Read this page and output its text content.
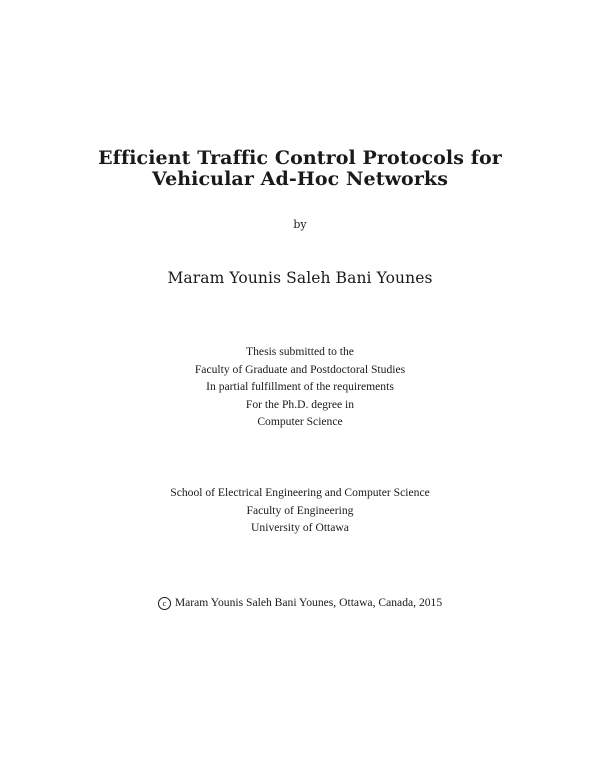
Efficient Traffic Control Protocols for
Vehicular Ad-Hoc Networks
by
Maram Younis Saleh Bani Younes
Thesis submitted to the
Faculty of Graduate and Postdoctoral Studies
In partial fulfillment of the requirements
For the Ph.D. degree in
Computer Science
School of Electrical Engineering and Computer Science
Faculty of Engineering
University of Ottawa
c Maram Younis Saleh Bani Younes, Ottawa, Canada, 2015
